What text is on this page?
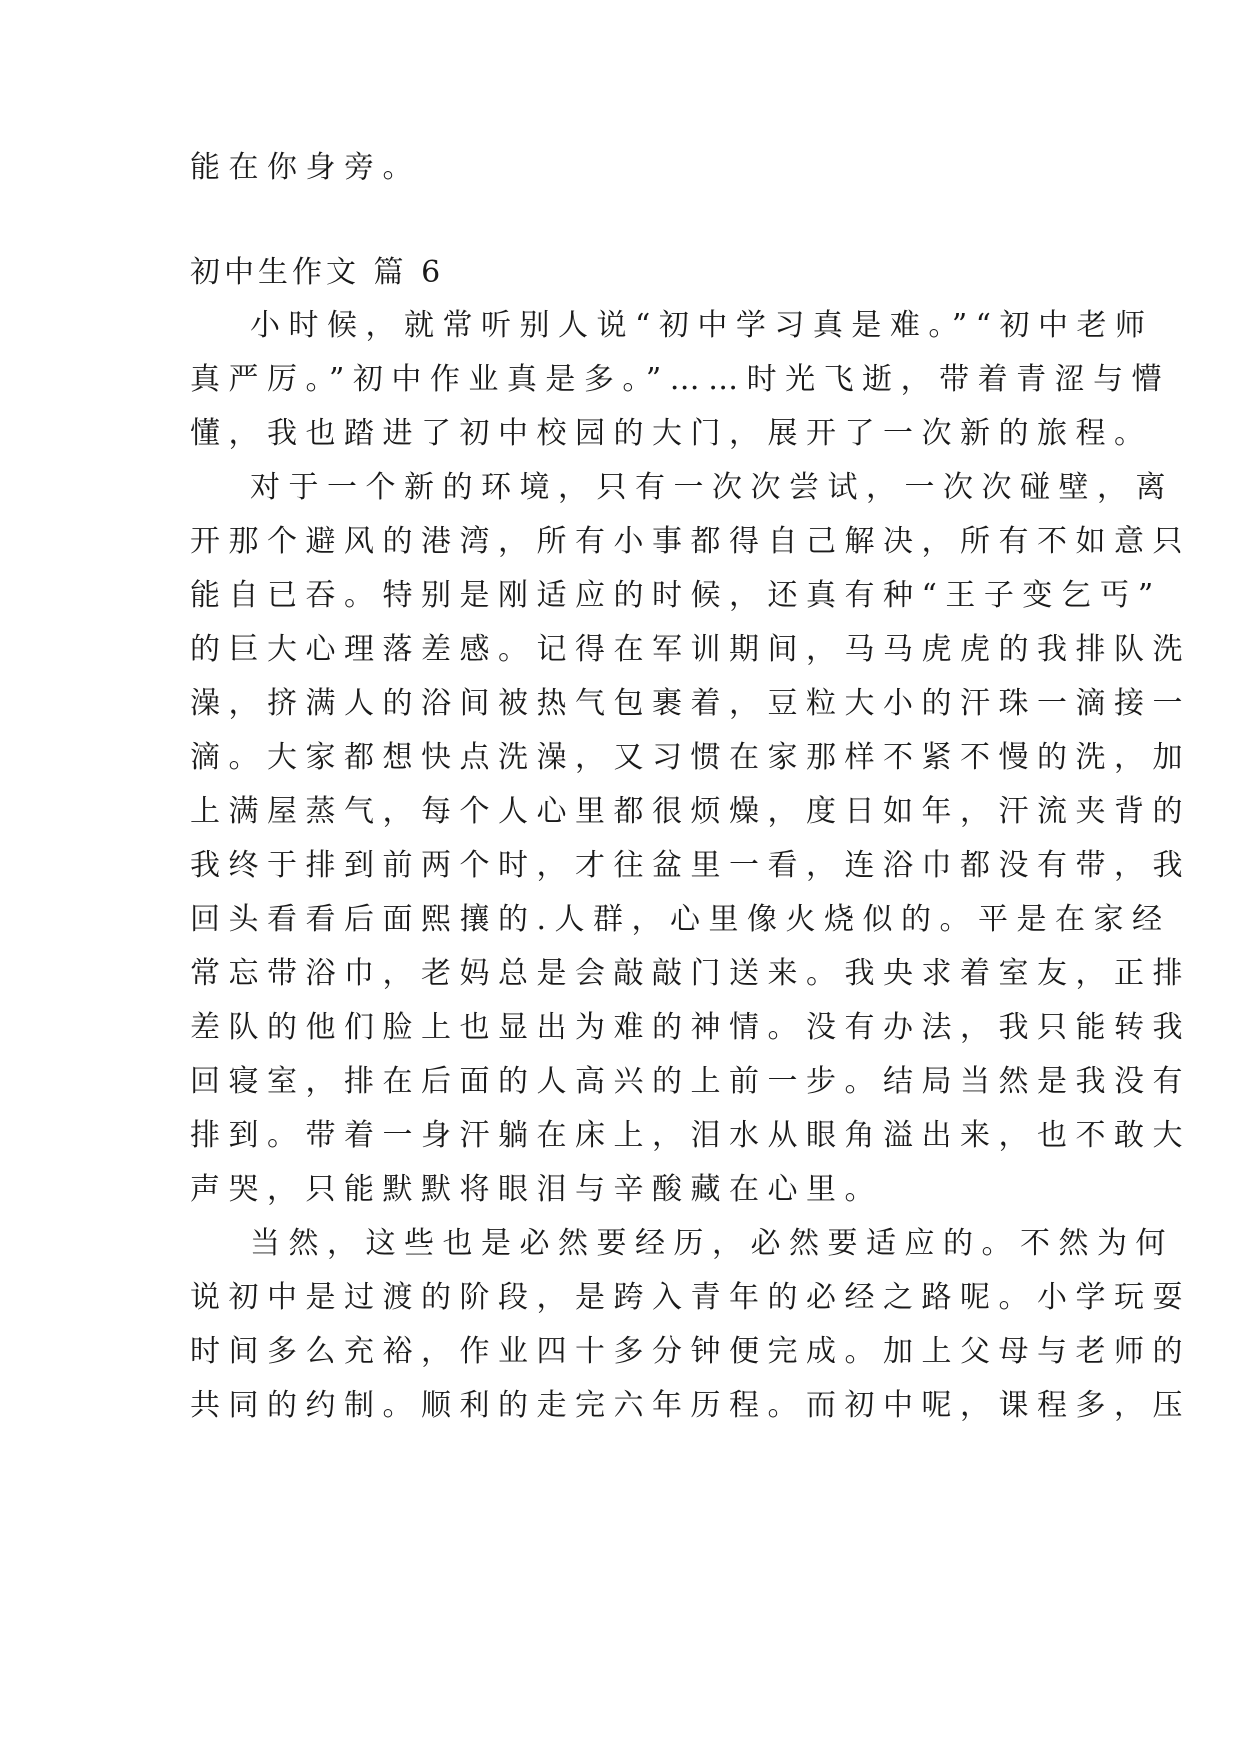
能在你身旁。
初中生作文 篇 6
小时候，就常听别人说“初中学习真是难。”“初中老师
真严厉。”初中作业真是多。”……时光飞逝，带着青涩与懵
懂，我也踏进了初中校园的大门，展开了一次新的旅程。
对于一个新的环境，只有一次次尝试，一次次碰壁，离
开那个避风的港湾，所有小事都得自己解决，所有不如意只
能自已吞。特别是刚适应的时候，还真有种“王子变乞丐”
的巨大心理落差感。记得在军训期间，马马虎虎的我排队洗
澡，挤满人的浴间被热气包裹着，豆粒大小的汗珠一滴接一
滴。大家都想快点洗澡，又习惯在家那样不紧不慢的洗，加
上满屋蒸气，每个人心里都很烦燥，度日如年，汗流夹背的
我终于排到前两个时，才往盆里一看，连浴巾都没有带，我
回头看看后面熙攘的.人群，心里像火烧似的。平是在家经
常忘带浴巾，老妈总是会敲敲门送来。我央求着室友，正排
差队的他们脸上也显出为难的神情。没有办法，我只能转我
回寝室，排在后面的人高兴的上前一步。结局当然是我没有
排到。带着一身汗躺在床上，泪水从眼角溢出来，也不敢大
声哭，只能默默将眼泪与辛酸藏在心里。
当然，这些也是必然要经历，必然要适应的。不然为何
说初中是过渡的阶段，是跨入青年的必经之路呢。小学玩耍
时间多么充裕，作业四十多分钟便完成。加上父母与老师的
共同的约制。顺利的走完六年历程。而初中呢，课程多，压
